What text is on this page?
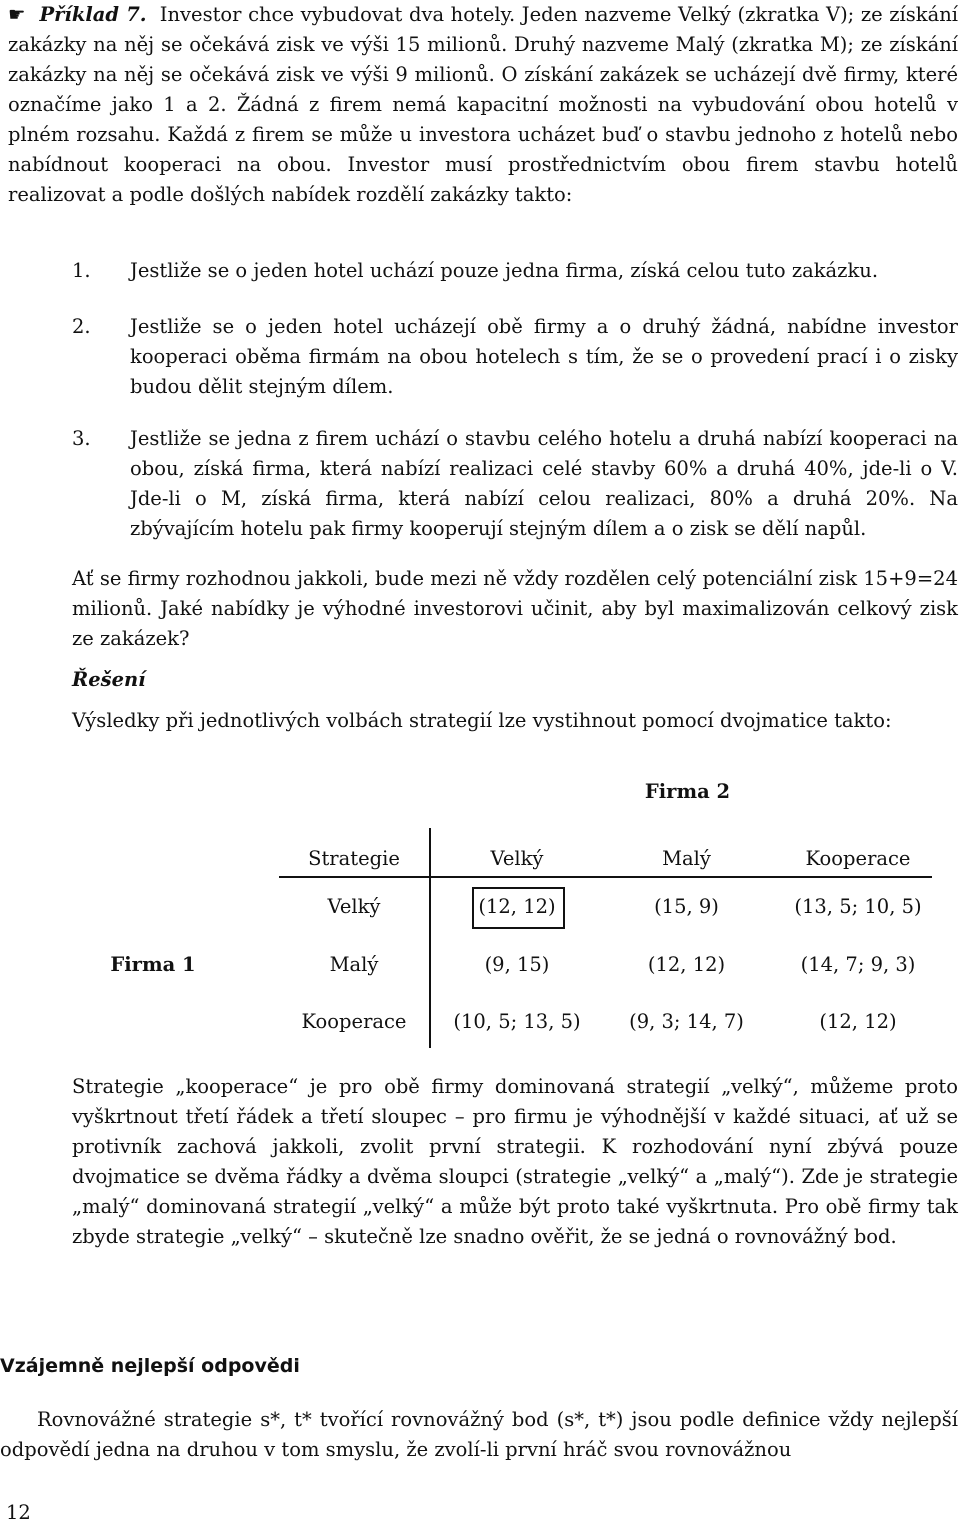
☛ Příklad 7. Investor chce vybudovat dva hotely. Jeden nazveme Velký (zkratka V); ze získání zakázky na něj se očekává zisk ve výši 15 milionů. Druhý nazveme Malý (zkratka M); ze získání zakázky na něj se očekává zisk ve výši 9 milionů. O získání zakázek se ucházejí dvě firmy, které označíme jako 1 a 2. Žádná z firem nemá kapacitní možnosti na vybudování obou hotelů v plném rozsahu. Každá z firem se může u investora ucházet buď o stavbu jednoho z hotelů nebo nabídnout kooperaci na obou. Investor musí prostřednictvím obou firem stavbu hotelů realizovat a podle došlých nabídek rozdělí zakázky takto:

1. Jestliže se o jeden hotel uchází pouze jedna firma, získá celou tuto zakázku.

2. Jestliže se o jeden hotel ucházejí obě firmy a o druhý žádná, nabídne investor kooperaci oběma firmám na obou hotelech s tím, že se o provedení prací i o zisky budou dělit stejným dílem.

3. Jestliže se jedna z firem uchází o stavbu celého hotelu a druhá nabízí kooperaci na obou, získá firma, která nabízí realizaci celé stavby 60% a druhá 40%, jde-li o V. Jde-li o M, získá firma, která nabízí celou realizaci, 80% a druhá 20%. Na zbývajícím hotelu pak firmy kooperují stejným dílem a o zisk se dělí napůl.

Ať se firmy rozhodnou jakkoli, bude mezi ně vždy rozdělen celý potenciální zisk 15+9=24 milionů. Jaké nabídky je výhodné investorovi učinit, aby byl maximalizován celkový zisk ze zakázek?

Řešení

Výsledky při jednotlivých volbách strategií lze vystihnout pomocí dvojmatice takto:

Firma 2
Strategie	Velký	Malý	Kooperace
Firma 1
Velký	(12, 12)	(15, 9)	(13, 5; 10, 5)
Malý	(9, 15)	(12, 12)	(14, 7; 9, 3)
Kooperace	(10, 5; 13, 5)	(9, 3; 14, 7)	(12, 12)

Strategie „kooperace“ je pro obě firmy dominovaná strategií „velký“, můžeme proto vyškrtnout třetí řádek a třetí sloupec – pro firmu je výhodnější v každé situaci, ať už se protivník zachová jakkoli, zvolit první strategii. K rozhodování nyní zbývá pouze dvojmatice se dvěma řádky a dvěma sloupci (strategie „velký“ a „malý“). Zde je strategie „malý“ dominovaná strategií „velký“ a může být proto také vyškrtnuta. Pro obě firmy tak zbyde strategie „velký“ – skutečně lze snadno ověřit, že se jedná o rovnovážný bod.

Vzájemně nejlepší odpovědi

Rovnovážné strategie s*, t* tvořící rovnovážný bod (s*, t*) jsou podle definice vždy nejlepší odpovědí jedna na druhou v tom smyslu, že zvolí-li první hráč svou rovnovážnou

12
